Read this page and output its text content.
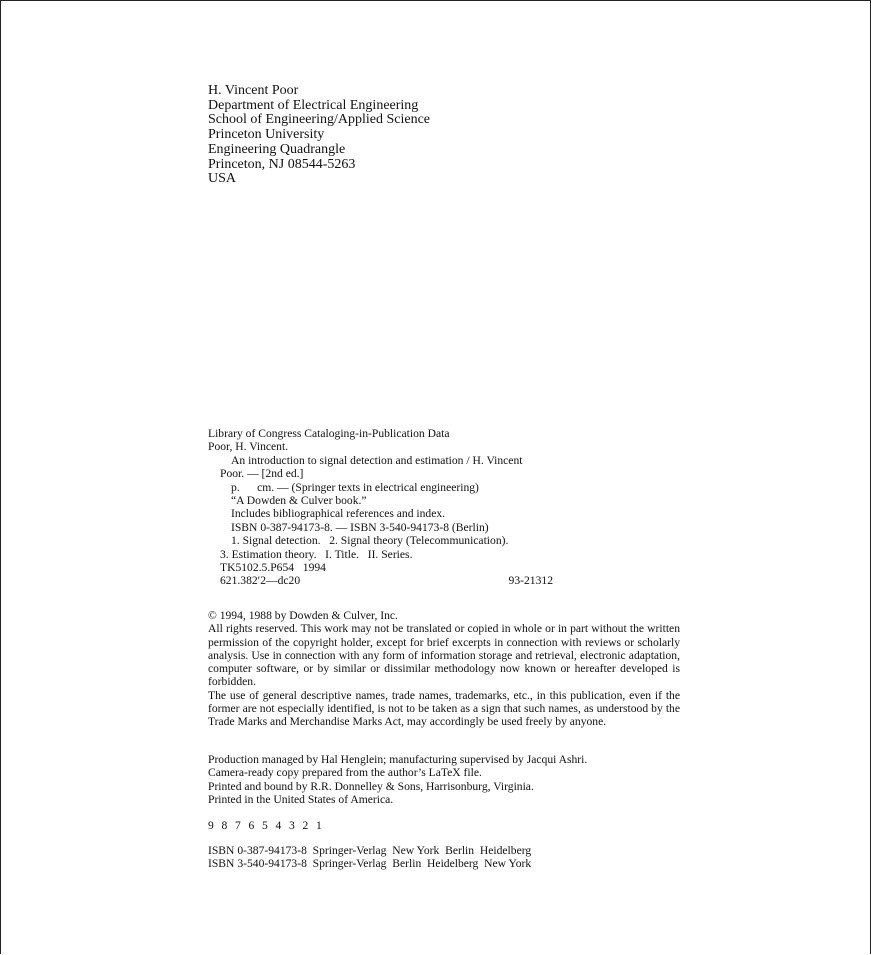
H. Vincent Poor
Department of Electrical Engineering
School of Engineering/Applied Science
Princeton University
Engineering Quadrangle
Princeton, NJ 08544-5263
USA
Library of Congress Cataloging-in-Publication Data
Poor, H. Vincent.
An introduction to signal detection and estimation / H. Vincent
Poor. — [2nd ed.]
p.      cm. — (Springer texts in electrical engineering)
“A Dowden & Culver book.”
Includes bibliographical references and index.
ISBN 0-387-94173-8. — ISBN 3-540-94173-8 (Berlin)
1. Signal detection.   2. Signal theory (Telecommunication).
3. Estimation theory.   I. Title.   II. Series.
TK5102.5.P654   1994
621.382′2—dc20	93-21312

© 1994, 1988 by Dowden & Culver, Inc.

All rights reserved. This work may not be translated or copied in whole or in part without the written permission of the copyright holder, except for brief excerpts in connection with reviews or scholarly analysis. Use in connection with any form of information storage and retrieval, electronic adaptation, computer software, or by similar or dissimilar methodology now known or hereafter developed is forbidden.

The use of general descriptive names, trade names, trademarks, etc., in this publication, even if the former are not especially identified, is not to be taken as a sign that such names, as understood by the Trade Marks and Merchandise Marks Act, may accordingly be used freely by anyone.

Production managed by Hal Henglein; manufacturing supervised by Jacqui Ashri.
Camera-ready copy prepared from the author’s LaTeX file.
Printed and bound by R.R. Donnelley & Sons, Harrisonburg, Virginia.
Printed in the United States of America.
9 8 7 6 5 4 3 2 1
ISBN 0-387-94173-8  Springer-Verlag  New York  Berlin  Heidelberg
ISBN 3-540-94173-8  Springer-Verlag  Berlin  Heidelberg  New York
